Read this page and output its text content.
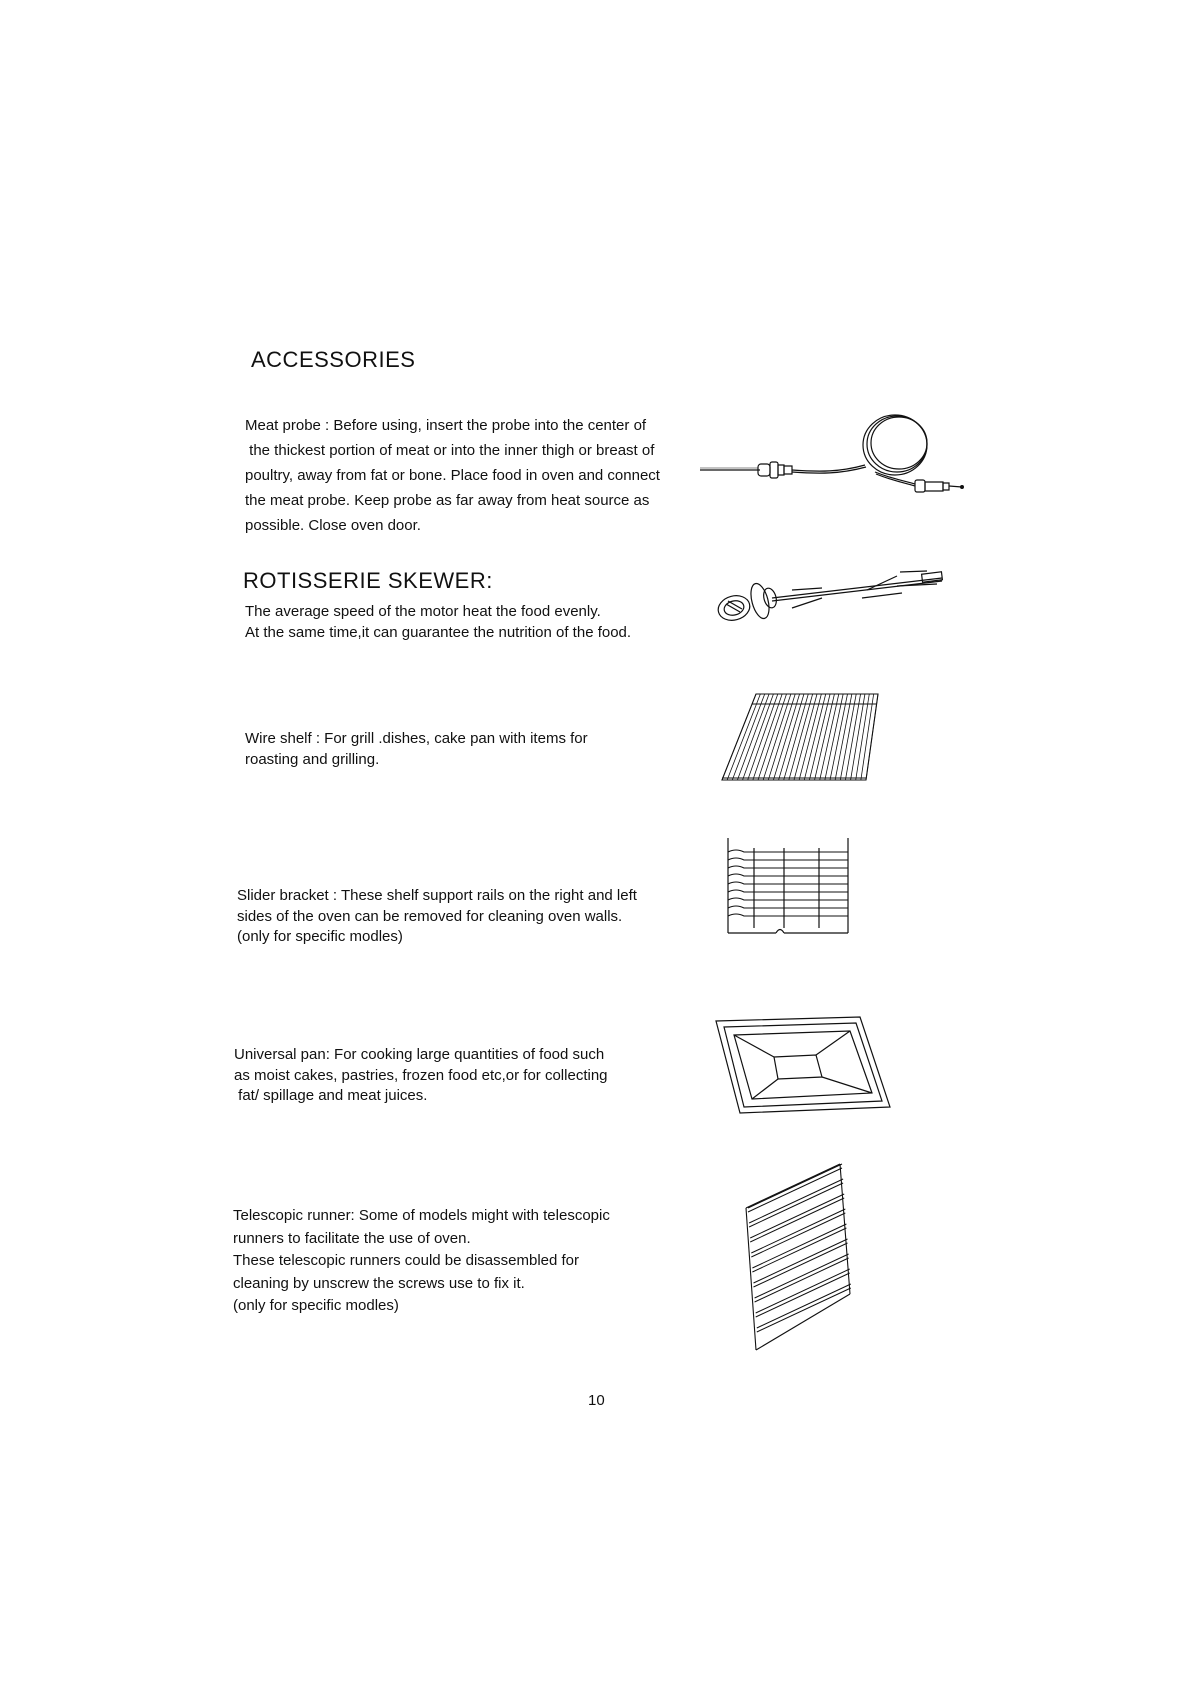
ACCESSORIES
Meat probe : Before using, insert the probe into the center of
the thickest portion of meat or into the inner thigh or breast of
poultry, away from fat or bone. Place food in oven and connect
the meat probe. Keep probe as far away from heat source as
possible. Close oven door.
ROTISSERIE SKEWER:
The average speed of the motor heat the food evenly.
At the same time,it can guarantee the nutrition of the food.
Wire shelf : For grill .dishes, cake pan with items for
roasting and grilling.
Slider bracket : These shelf support rails on the right and left
sides of the oven can be removed for cleaning oven walls.
(only for specific modles)
Universal pan: For cooking large quantities of food such
as moist cakes, pastries, frozen food etc,or for collecting
fat/ spillage and meat juices.
Telescopic runner: Some of models might with telescopic
runners to facilitate the use of oven.
These telescopic runners could be disassembled for
cleaning by unscrew the screws use to fix it.
(only for specific modles)
10
